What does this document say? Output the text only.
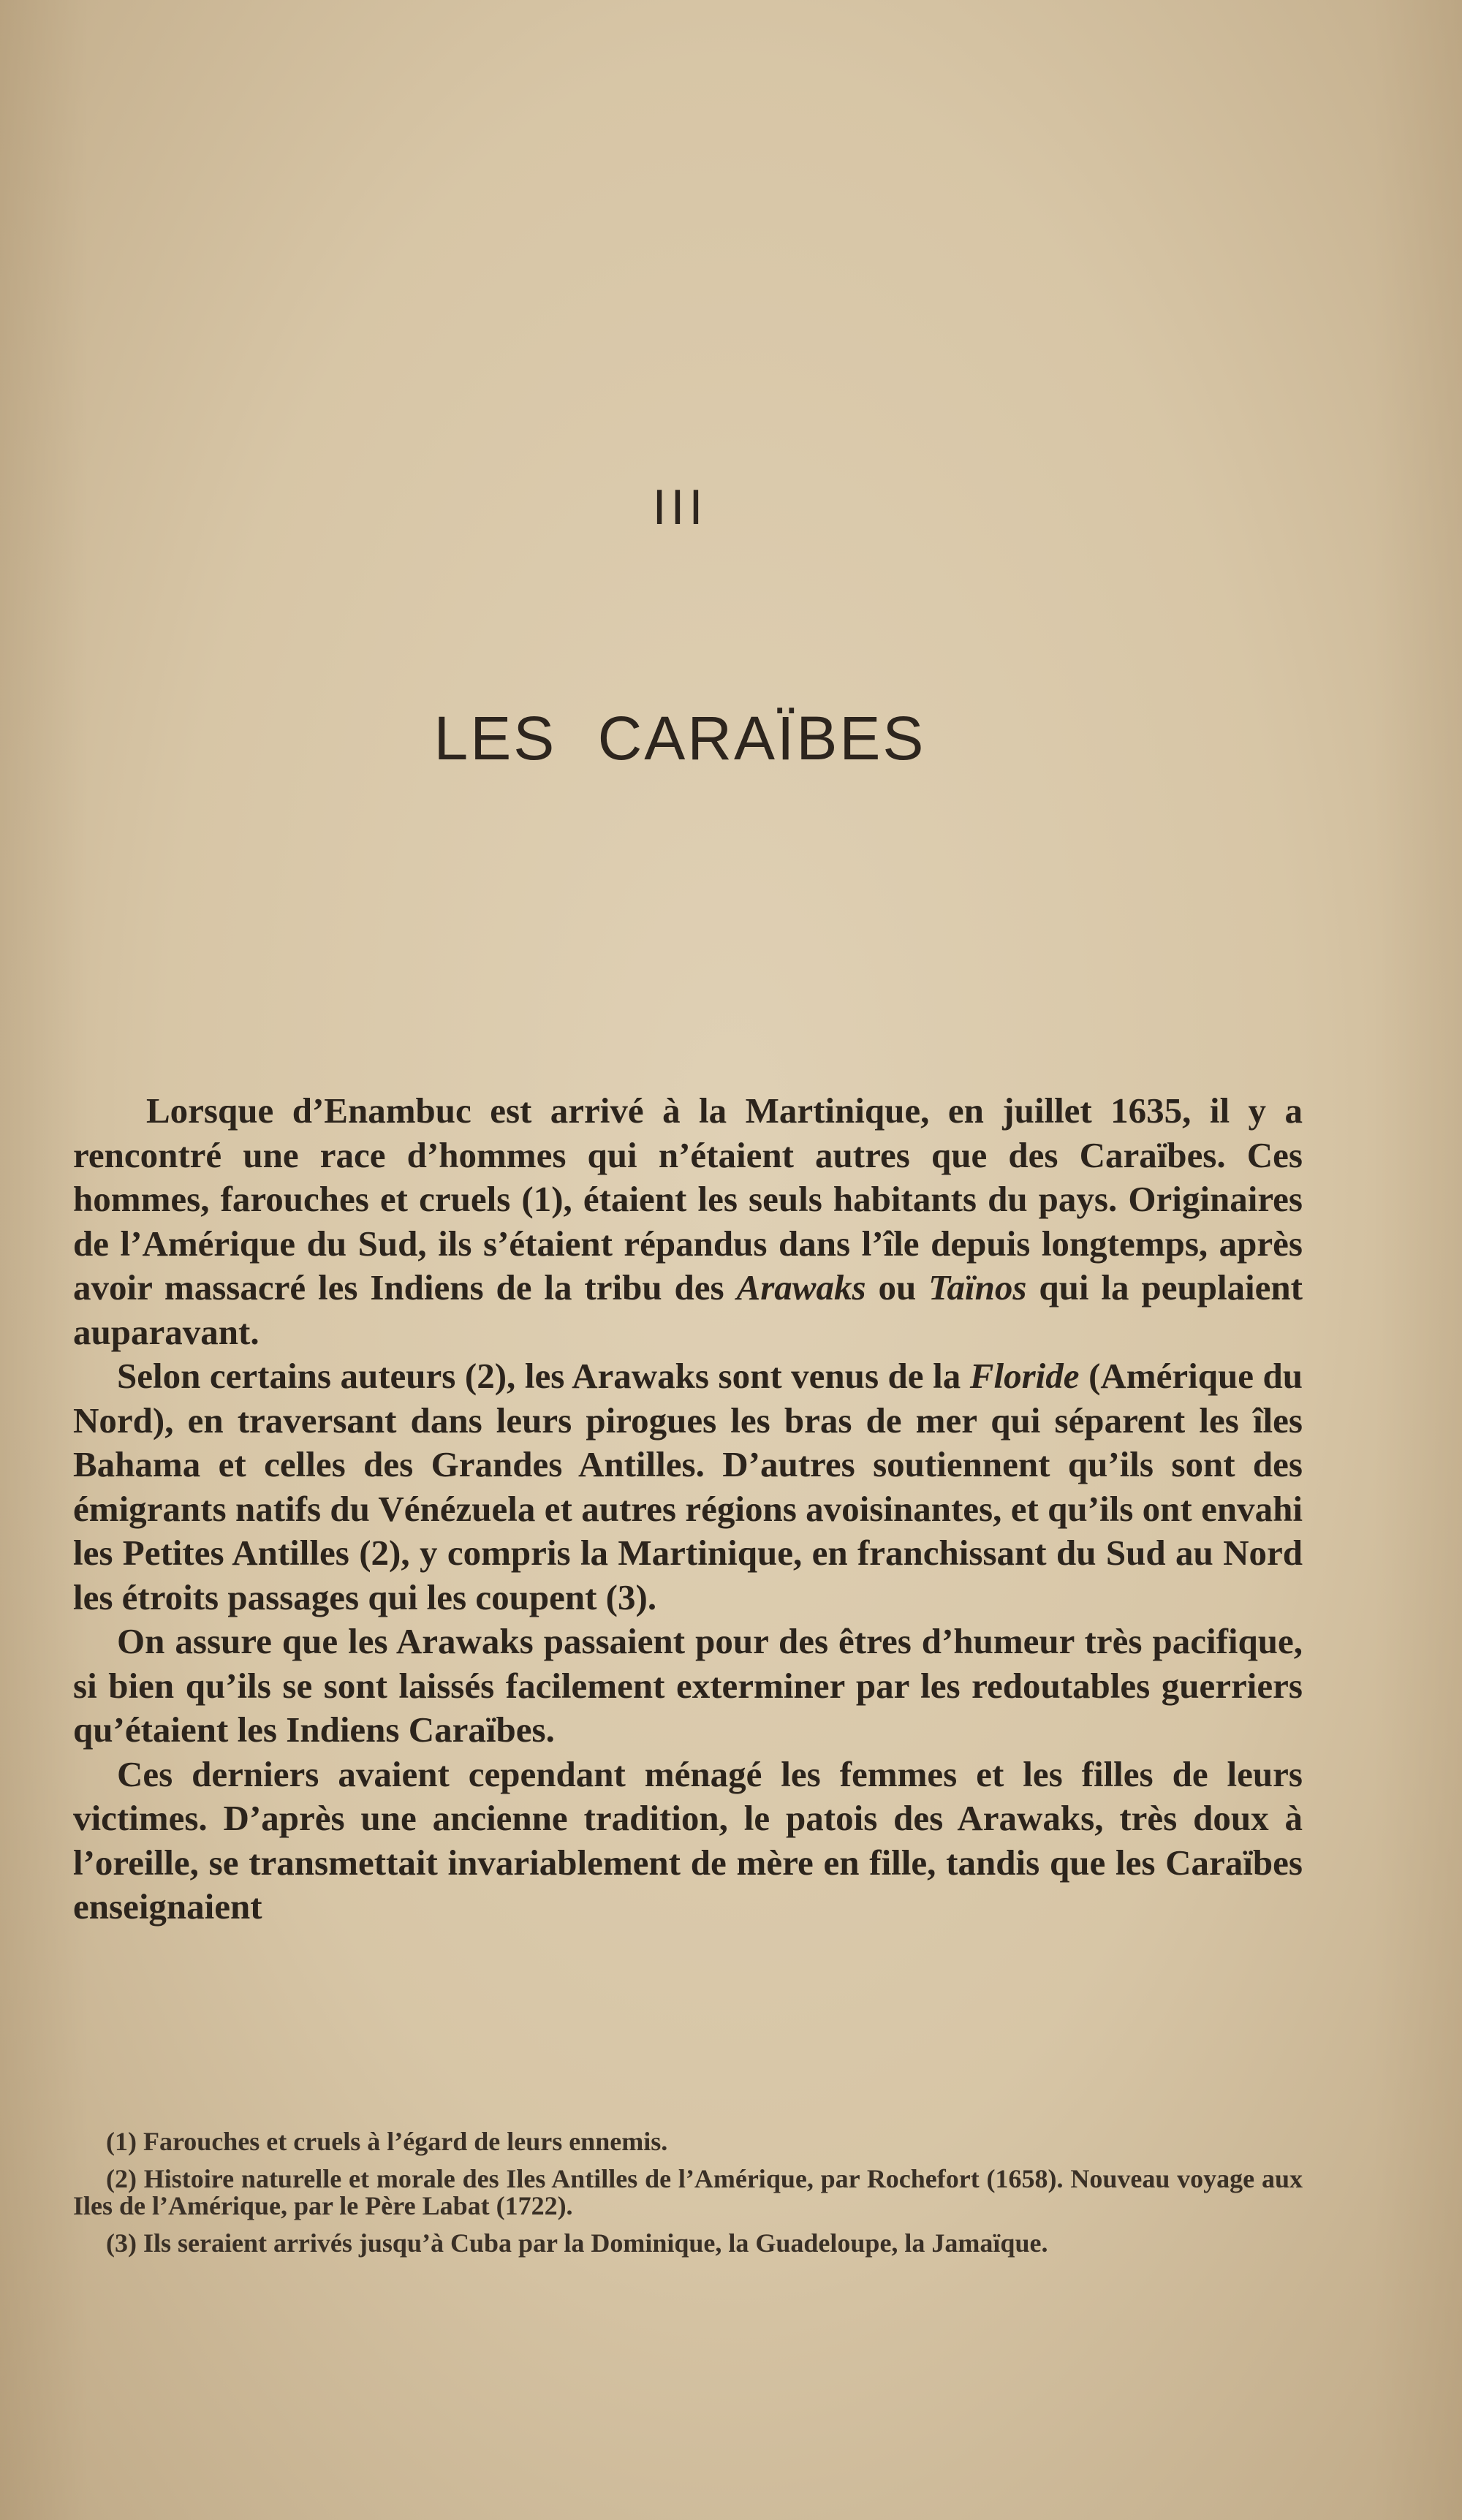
III
LES CARAÏBES

Lorsque d’Enambuc est arrivé à la Martinique, en juillet 1635, il y a rencontré une race d’hommes qui n’étaient autres que des Caraïbes. Ces hommes, farouches et cruels (1), étaient les seuls habitants du pays. Originaires de l’Amérique du Sud, ils s’étaient répandus dans l’île depuis longtemps, après avoir massacré les Indiens de la tribu des Arawaks ou Taïnos qui la peuplaient auparavant.

Selon certains auteurs (2), les Arawaks sont venus de la Floride (Amérique du Nord), en traversant dans leurs pirogues les bras de mer qui séparent les îles Bahama et celles des Grandes Antilles. D’autres soutiennent qu’ils sont des émigrants natifs du Vénézuela et autres régions avoisinantes, et qu’ils ont envahi les Petites Antilles (2), y compris la Martinique, en franchissant du Sud au Nord les étroits passages qui les coupent (3).

On assure que les Arawaks passaient pour des êtres d’humeur très pacifique, si bien qu’ils se sont laissés facilement exterminer par les redoutables guerriers qu’étaient les Indiens Caraïbes.

Ces derniers avaient cependant ménagé les femmes et les filles de leurs victimes. D’après une ancienne tradition, le patois des Arawaks, très doux à l’oreille, se transmettait invariablement de mère en fille, tandis que les Caraïbes enseignaient

(1) Farouches et cruels à l’égard de leurs ennemis.

(2) Histoire naturelle et morale des Iles Antilles de l’Amérique, par Rochefort (1658). Nouveau voyage aux Iles de l’Amérique, par le Père Labat (1722).

(3) Ils seraient arrivés jusqu’à Cuba par la Dominique, la Guadeloupe, la Jamaïque.
